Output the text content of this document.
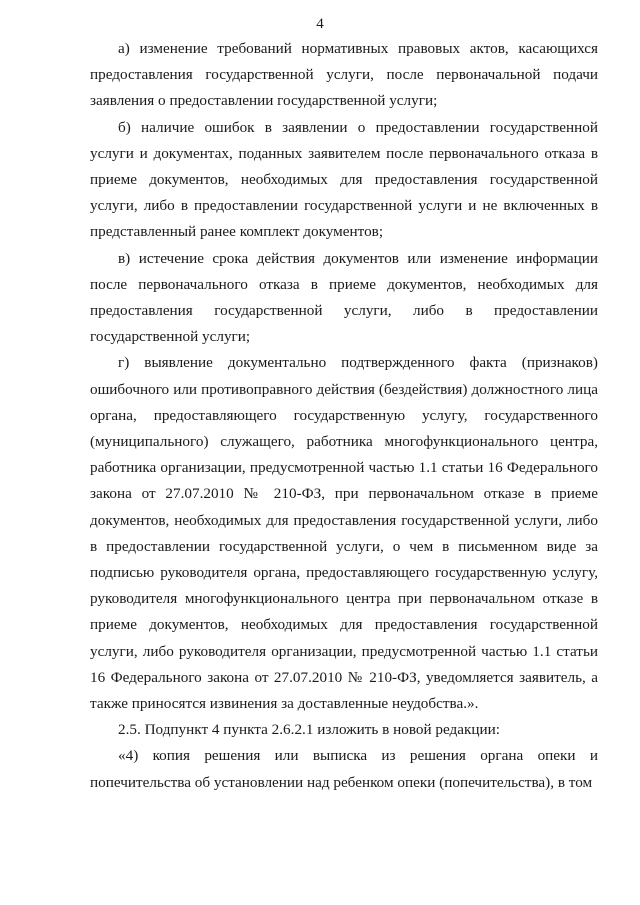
4

а) изменение требований нормативных правовых актов, касающихся предоставления государственной услуги, после первоначальной подачи заявления о предоставлении государственной услуги;

б) наличие ошибок в заявлении о предоставлении государственной услуги и документах, поданных заявителем после первоначального отказа в приеме документов, необходимых для предоставления государственной услуги, либо в предоставлении государственной услуги и не включенных в представленный ранее комплект документов;

в) истечение срока действия документов или изменение информации после первоначального отказа в приеме документов, необходимых для предоставления государственной услуги, либо в предоставлении государственной услуги;

г) выявление документально подтвержденного факта (признаков) ошибочного или противоправного действия (бездействия) должностного лица органа, предоставляющего государственную услугу, государственного (муниципального) служащего, работника многофункционального центра, работника организации, предусмотренной частью 1.1 статьи 16 Федерального закона от 27.07.2010 № 210-ФЗ, при первоначальном отказе в приеме документов, необходимых для предоставления государственной услуги, либо в предоставлении государственной услуги, о чем в письменном виде за подписью руководителя органа, предоставляющего государственную услугу, руководителя многофункционального центра при первоначальном отказе в приеме документов, необходимых для предоставления государственной услуги, либо руководителя организации, предусмотренной частью 1.1 статьи 16 Федерального закона от 27.07.2010 № 210-ФЗ, уведомляется заявитель, а также приносятся извинения за доставленные неудобства.».

2.5. Подпункт 4 пункта 2.6.2.1 изложить в новой редакции:

«4) копия решения или выписка из решения органа опеки и попечительства об установлении над ребенком опеки (попечительства), в том
